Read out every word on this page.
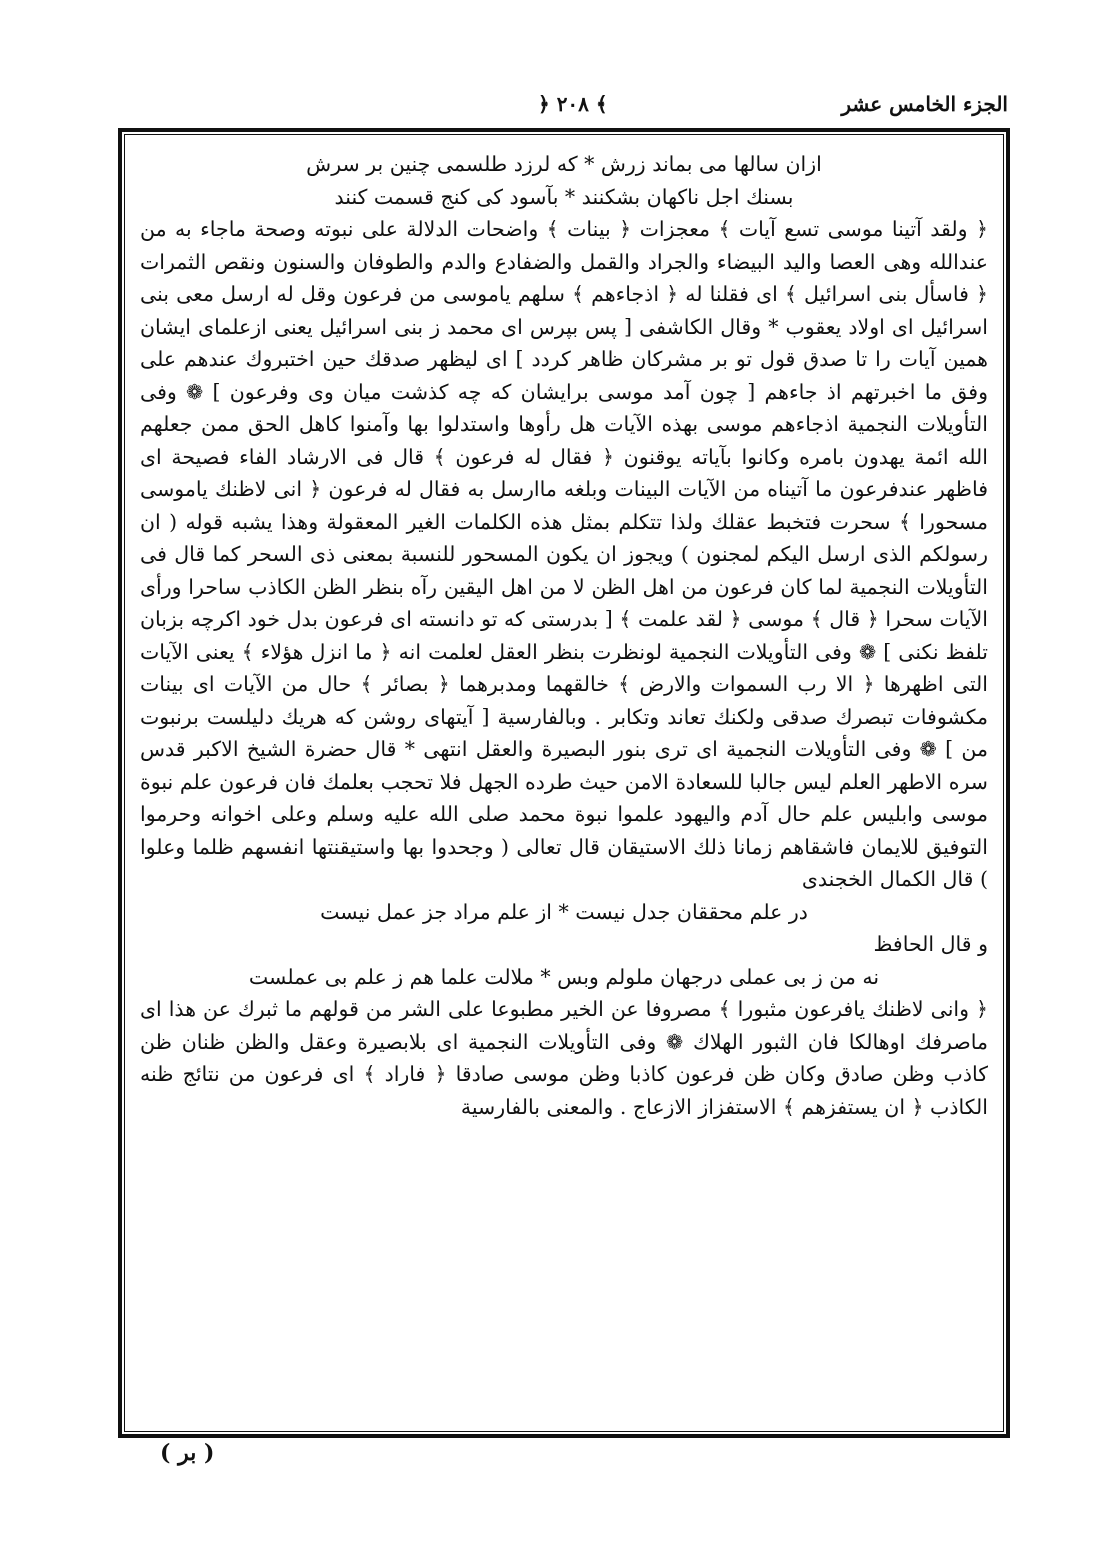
﴾ ٢٠٨ ﴿	الجزء الخامس عشر

ازان سالها می بماند زرش * که لرزد طلسمی چنین بر سرش

بسنك اجل ناكهان بشكنند * بآسود كی كنج قسمت كنند

﴿ ولقد آتينا موسى تسع آيات ﴾ معجزات ﴿ بينات ﴾ واضحات الدلالة على نبوته وصحة ماجاء به من عندالله وهى العصا واليد البيضاء والجراد والقمل والضفادع والدم والطوفان والسنون ونقص الثمرات ﴿ فاسأل بنى اسرائيل ﴾ اى فقلنا له ﴿ اذجاءهم ﴾ سلهم ياموسى من فرعون وقل له ارسل معى بنى اسرائيل اى اولاد يعقوب * وقال الكاشفى [ پس بپرس اى محمد ز بنى اسرائيل يعنى ازعلماى ايشان همين آيات را تا صدق قول تو بر مشركان ظاهر كردد ] اى ليظهر صدقك حين اختبروك عندهم على وفق ما اخبرتهم اذ جاءهم [ چون آمد موسى برايشان كه چه كذشت ميان وى وفرعون ] ❁ وفى التأويلات النجمية اذجاءهم موسى بهذه الآيات هل رأوها واستدلوا بها وآمنوا كاهل الحق ممن جعلهم الله ائمة يهدون بامره وكانوا بآياته يوقنون ﴿ فقال له فرعون ﴾ قال فى الارشاد الفاء فصيحة اى فاظهر عندفرعون ما آتيناه من الآيات البينات وبلغه ماارسل به فقال له فرعون ﴿ انى لاظنك ياموسى مسحورا ﴾ سحرت فتخبط عقلك ولذا تتكلم بمثل هذه الكلمات الغير المعقولة وهذا يشبه قوله ( ان رسولكم الذى ارسل اليكم لمجنون ) ويجوز ان يكون المسحور للنسبة بمعنى ذى السحر كما قال فى التأويلات النجمية لما كان فرعون من اهل الظن لا من اهل اليقين رآه بنظر الظن الكاذب ساحرا ورأى الآيات سحرا ﴿ قال ﴾ موسى ﴿ لقد علمت ﴾ [ بدرستى كه تو دانسته اى فرعون بدل خود اكرچه بزبان تلفظ نكنى ] ❁ وفى التأويلات النجمية لونظرت بنظر العقل لعلمت انه ﴿ ما انزل هؤلاء ﴾ يعنى الآيات التى اظهرها ﴿ الا رب السموات والارض ﴾ خالقهما ومدبرهما ﴿ بصائر ﴾ حال من الآيات اى بينات مكشوفات تبصرك صدقى ولكنك تعاند وتكابر . وبالفارسية [ آيتهاى روشن كه هريك دليلست برنبوت من ] ❁ وفى التأويلات النجمية اى ترى بنور البصيرة والعقل انتهى * قال حضرة الشيخ الاكبر قدس سره الاطهر العلم ليس جالبا للسعادة الامن حيث طرده الجهل فلا تحجب بعلمك فان فرعون علم نبوة موسى وابليس علم حال آدم واليهود علموا نبوة محمد صلى الله عليه وسلم وعلى اخوانه وحرموا التوفيق للايمان فاشقاهم زمانا ذلك الاستيقان قال تعالى ( وجحدوا بها واستيقنتها انفسهم ظلما وعلوا ) قال الكمال الخجندى

در علم محققان جدل نيست * از علم مراد جز عمل نيست

و قال الحافظ

نه من ز بى عملى درجهان ملولم وبس * ملالت علما هم ز علم بى عملست

﴿ وانى لاظنك يافرعون مثبورا ﴾ مصروفا عن الخير مطبوعا على الشر من قولهم ما ثبرك عن هذا اى ماصرفك اوهالكا فان الثبور الهلاك ❁ وفى التأويلات النجمية اى بلابصيرة وعقل والظن ظنان ظن كاذب وظن صادق وكان ظن فرعون كاذبا وظن موسى صادقا ﴿ فاراد ﴾ اى فرعون من نتائج ظنه الكاذب ﴿ ان يستفزهم ﴾ الاستفزاز الازعاج . والمعنى بالفارسية

( بر )
